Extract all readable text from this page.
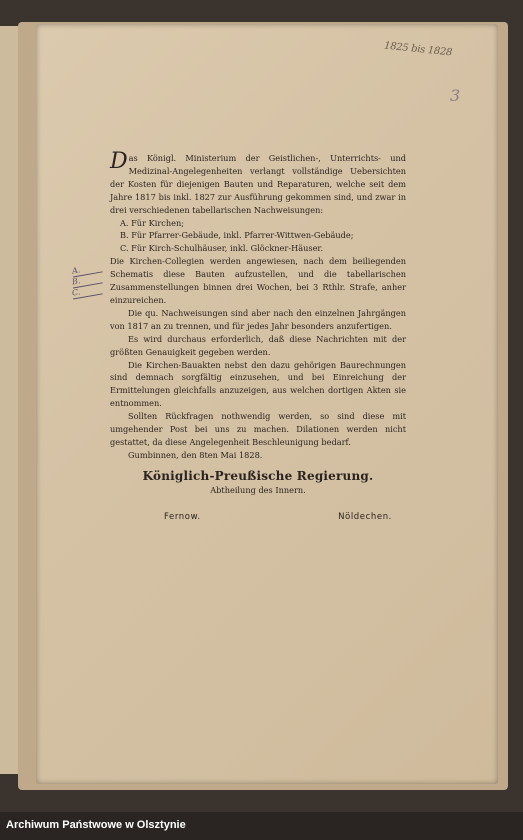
1825 bis 1828
3
A.
B.
C.

Das Königl. Ministerium der Geistlichen-, Unterrichts- und Medizinal-Angelegenheiten verlangt vollständige Uebersichten der Kosten für diejenigen Bauten und Reparaturen, welche seit dem Jahre 1817 bis inkl. 1827 zur Ausführung gekommen sind, und zwar in drei verschiedenen tabellarischen Nachweisungen:

A. Für Kirchen;
B. Für Pfarrer-Gebäude, inkl. Pfarrer-Wittwen-Gebäude;
C. Für Kirch-Schulhäuser, inkl. Glöckner-Häuser.

Die Kirchen-Collegien werden angewiesen, nach dem beiliegenden Schematis diese Bauten aufzustellen, und die tabellarischen Zusammenstellungen binnen drei Wochen, bei 3 Rthlr. Strafe, anher einzureichen.

Die qu. Nachweisungen sind aber nach den einzelnen Jahrgängen von 1817 an zu trennen, und für jedes Jahr besonders anzufertigen.

Es wird durchaus erforderlich, daß diese Nachrichten mit der größten Genauigkeit gegeben werden.

Die Kirchen-Bauakten nebst den dazu gehörigen Baurechnungen sind demnach sorgfältig einzusehen, und bei Einreichung der Ermittelungen gleichfalls anzuzeigen, aus welchen dortigen Akten sie entnommen.

Sollten Rückfragen nothwendig werden, so sind diese mit umgehender Post bei uns zu machen. Dilationen werden nicht gestattet, da diese Angelegenheit Beschleunigung bedarf.

Gumbinnen, den 8ten Mai 1828.

Königlich-Preußische Regierung.
Abtheilung des Innern.
Fernow.	Nöldechen.
Archiwum Państwowe w Olsztynie
